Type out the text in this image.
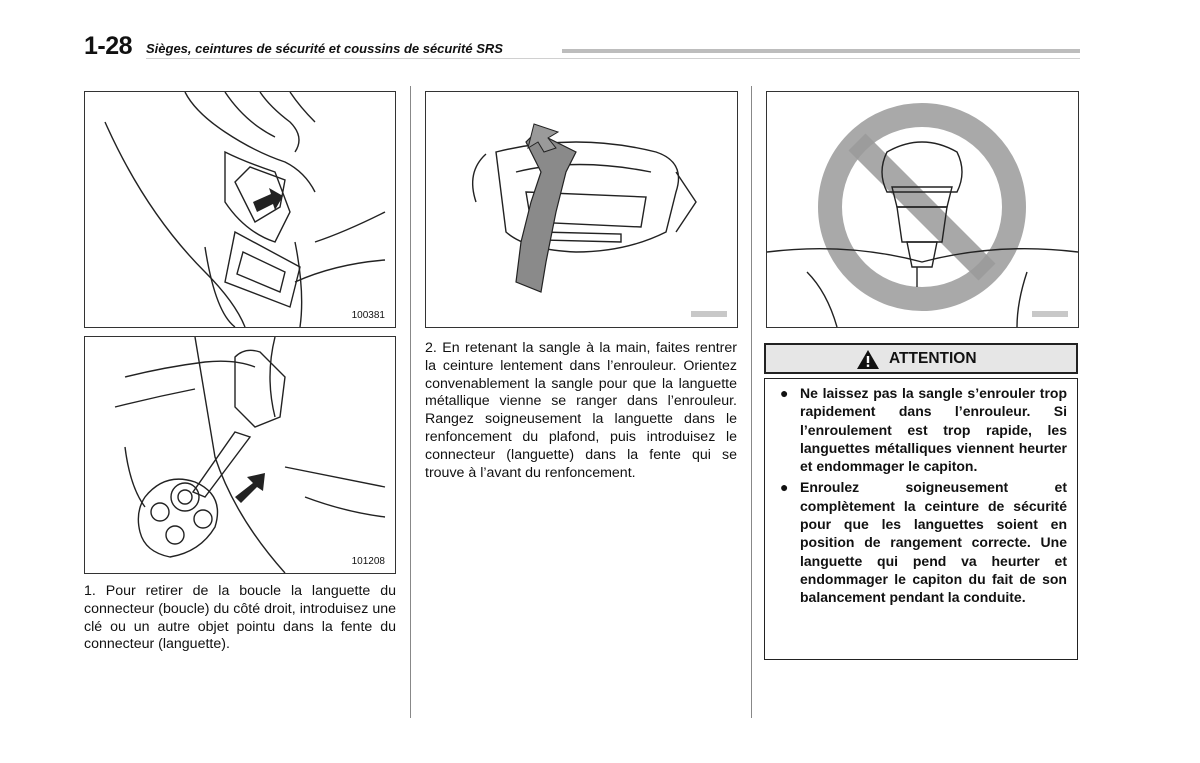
1-28 Sièges, ceintures de sécurité et coussins de sécurité SRS
100381
101208

1. Pour retirer de la boucle la languette du connecteur (boucle) du côté droit, introduisez une clé ou un autre objet pointu dans la fente du connecteur (languette).

2. En retenant la sangle à la main, faites rentrer la ceinture lentement dans l’enrouleur. Orientez convenablement la sangle pour que la languette métallique vienne se ranger dans l’enrouleur. Rangez soigneusement la languette dans le renfoncement du plafond, puis introduisez le connecteur (languette) dans la fente qui se trouve à l’avant du renfoncement.

ATTENTION
● Ne laissez pas la sangle s’enrouler trop rapidement dans l’enrouleur. Si l’enroulement est trop rapide, les languettes métalliques viennent heurter et endommager le capiton.
● Enroulez soigneusement et complètement la ceinture de sécurité pour que les languettes soient en position de rangement correcte. Une languette qui pend va heurter et endommager le capiton du fait de son balancement pendant la conduite.
